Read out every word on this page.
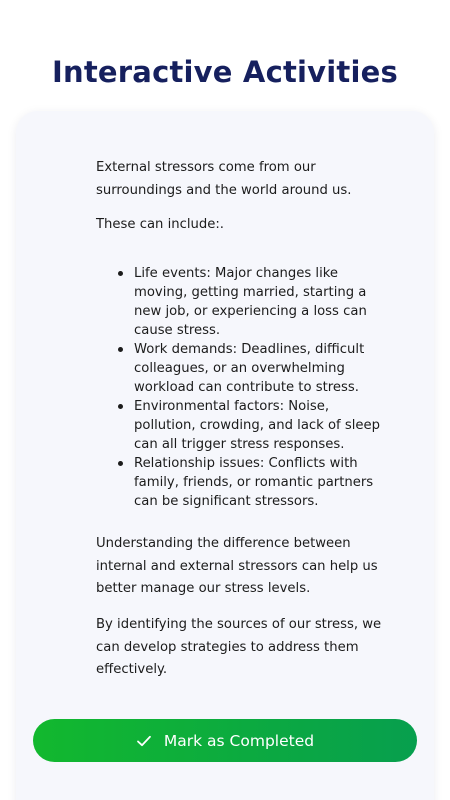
Interactive Activities

External stressors come from our surroundings and the world around us.

These can include:.

Life events: Major changes like moving, getting married, starting a new job, or experiencing a loss can cause stress.
Work demands: Deadlines, difficult colleagues, or an overwhelming workload can contribute to stress.
Environmental factors: Noise, pollution, crowding, and lack of sleep can all trigger stress responses.
Relationship issues: Conflicts with family, friends, or romantic partners can be significant stressors.

Understanding the difference between internal and external stressors can help us better manage our stress levels.

By identifying the sources of our stress, we can develop strategies to address them effectively.

Mark as Completed
